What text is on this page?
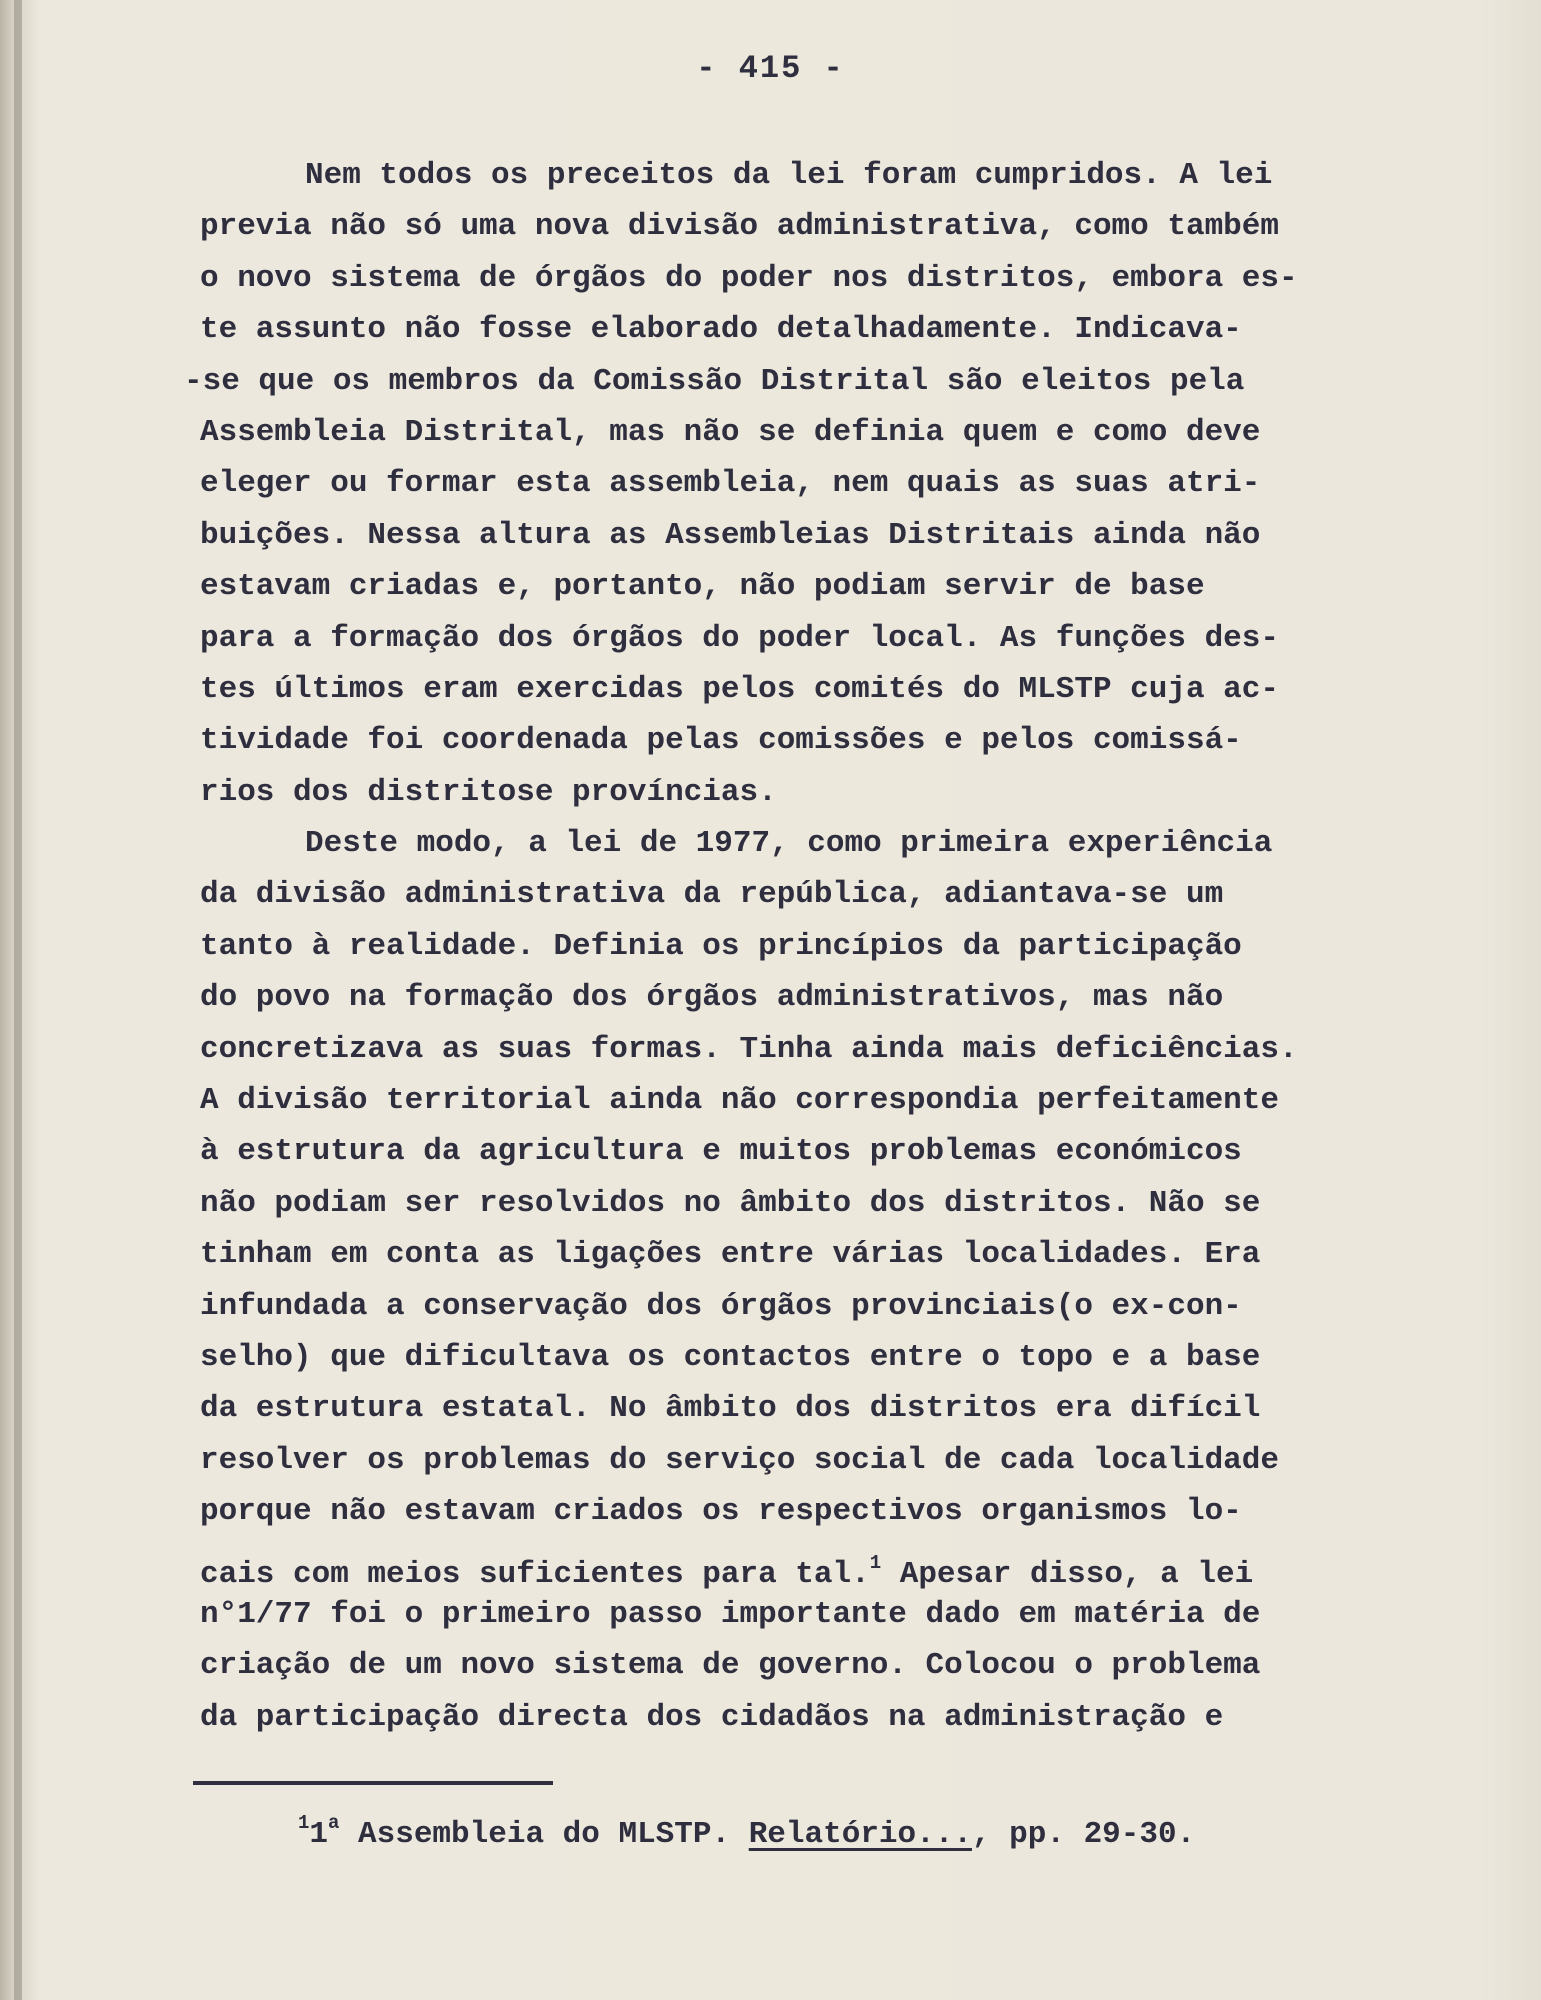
- 415 -
Nem todos os preceitos da lei foram cumpridos. A lei
previa não só uma nova divisão administrativa, como também
o novo sistema de órgãos do poder nos distritos, embora es-
te assunto não fosse elaborado detalhadamente. Indicava-
-se que os membros da Comissão Distrital são eleitos pela
Assembleia Distrital, mas não se definia quem e como deve
eleger ou formar esta assembleia, nem quais as suas atri-
buições. Nessa altura as Assembleias Distritais ainda não
estavam criadas e, portanto, não podiam servir de base
para a formação dos órgãos do poder local. As funções des-
tes últimos eram exercidas pelos comités do MLSTP cuja ac-
tividade foi coordenada pelas comissões e pelos comissá-
rios dos distritose províncias.
Deste modo, a lei de 1977, como primeira experiência
da divisão administrativa da república, adiantava-se um
tanto à realidade. Definia os princípios da participação
do povo na formação dos órgãos administrativos, mas não
concretizava as suas formas. Tinha ainda mais deficiências.
A divisão territorial ainda não correspondia perfeitamente
à estrutura da agricultura e muitos problemas económicos
não podiam ser resolvidos no âmbito dos distritos. Não se
tinham em conta as ligações entre várias localidades. Era
infundada a conservação dos órgãos provinciais(o ex-con-
selho) que dificultava os contactos entre o topo e a base
da estrutura estatal. No âmbito dos distritos era difícil
resolver os problemas do serviço social de cada localidade
porque não estavam criados os respectivos organismos lo-
cais com meios suficientes para tal.$^1$ Apesar disso, a lei
n°1/77 foi o primeiro passo importante dado em matéria de
criação de um novo sistema de governo. Colocou o problema
da participação directa dos cidadãos na administração e
$^1$1$^a$ Assembleia do MLSTP. Relatório..., pp. 29-30.
